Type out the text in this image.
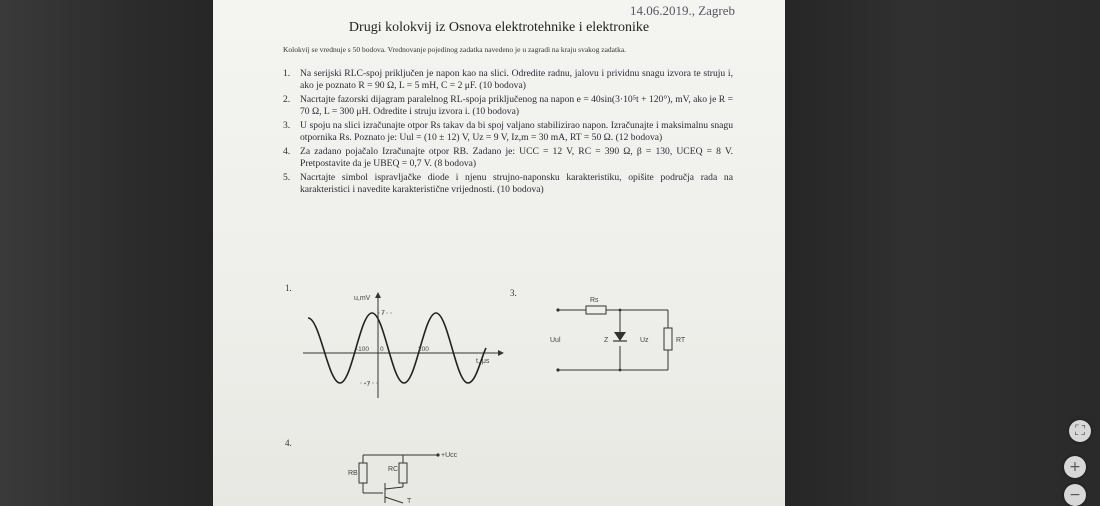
14.06.2019., Zagreb
Drugi kolokvij iz Osnova elektrotehnike i elektronike
Kolokvij se vrednuje s 50 bodova. Vrednovanje pojedinog zadatka navedeno je u zagradi na kraju svakog zadatka.
1. Na serijski RLC-spoj priključen je napon kao na slici. Odredite radnu, jalovu i prividnu snagu izvora te struju i, ako je poznato R = 90 Ω, L = 5 mH, C = 2 μF. (10 bodova)
2. Nacrtajte fazorski dijagram paralelnog RL-spoja priključenog na napon e = 40sin(3·10⁵t + 120°), mV, ako je R = 70 Ω, L = 300 μH. Odredite i struju izvora i. (10 bodova)
3. U spoju na slici izračunajte otpor Rs takav da bi spoj valjano stabilizirao napon. Izračunajte i maksimalnu snagu otpornika Rs. Poznato je: Uul = (10 ± 12) V, Uz = 9 V, Iz,m = 30 mA, RT = 50 Ω. (12 bodova)
4. Za zadano pojačalo Izračunajte otpor RB. Zadano je: UCC = 12 V, RC = 390 Ω, β = 130, UCEQ = 8 V. Pretpostavite da je UBEQ = 0,7 V. (8 bodova)
5. Nacrtajte simbol ispravljačke diode i njenu strujno-naponsku karakteristiku, opišite područja rada na karakteristici i navedite karakteristične vrijednosti. (10 bodova)
1.
u,mV
7
-7
-100 0	200
t, μs
3.
Rs
Uul	Z	Uz	RT
4.
+Ucc
RB
RC
T
⛶
+
−
